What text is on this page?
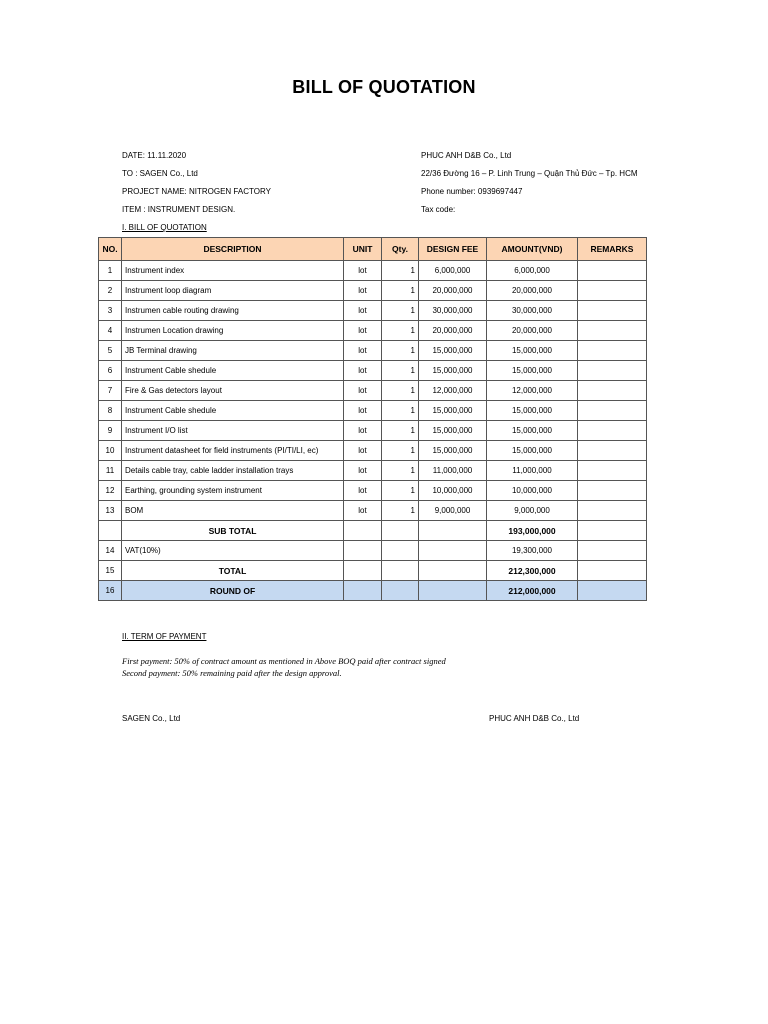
BILL OF QUOTATION
DATE: 11.11.2020
TO : SAGEN Co., Ltd
PROJECT NAME: NITROGEN FACTORY
ITEM : INSTRUMENT DESIGN.
PHUC ANH D&B Co., Ltd
22/36 Đường 16 – P. Linh Trung – Quận Thủ Đức – Tp. HCM
Phone number: 0939697447
Tax code:
I. BILL OF QUOTATION
NO.	DESCRIPTION	UNIT	Qty.	DESIGN FEE	AMOUNT(VND)	REMARKS
1	Instrument index	lot	1	6,000,000	6,000,000	
2	Instrument loop diagram	lot	1	20,000,000	20,000,000	
3	Instrumen cable routing drawing	lot	1	30,000,000	30,000,000	
4	Instrumen Location drawing	lot	1	20,000,000	20,000,000	
5	JB Terminal drawing	lot	1	15,000,000	15,000,000	
6	Instrument Cable shedule	lot	1	15,000,000	15,000,000	
7	Fire & Gas detectors layout	lot	1	12,000,000	12,000,000	
8	Instrument Cable shedule	lot	1	15,000,000	15,000,000	
9	Instrument I/O list	lot	1	15,000,000	15,000,000	
10	Instrument datasheet for field instruments (PI/TI/LI, ec)	lot	1	15,000,000	15,000,000	
11	Details cable tray, cable ladder installation trays	lot	1	11,000,000	11,000,000	
12	Earthing, grounding system instrument	lot	1	10,000,000	10,000,000	
13	BOM	lot	1	9,000,000	9,000,000	
	SUB TOTAL				193,000,000	
14	VAT(10%)				19,300,000	
15	TOTAL				212,300,000	
16	ROUND OF				212,000,000	
II. TERM OF PAYMENT
First payment: 50% of contract amount as mentioned in Above BOQ paid after contract signed
Second payment: 50% remaining paid after the design approval.
SAGEN Co., Ltd	PHUC ANH D&B Co., Ltd
